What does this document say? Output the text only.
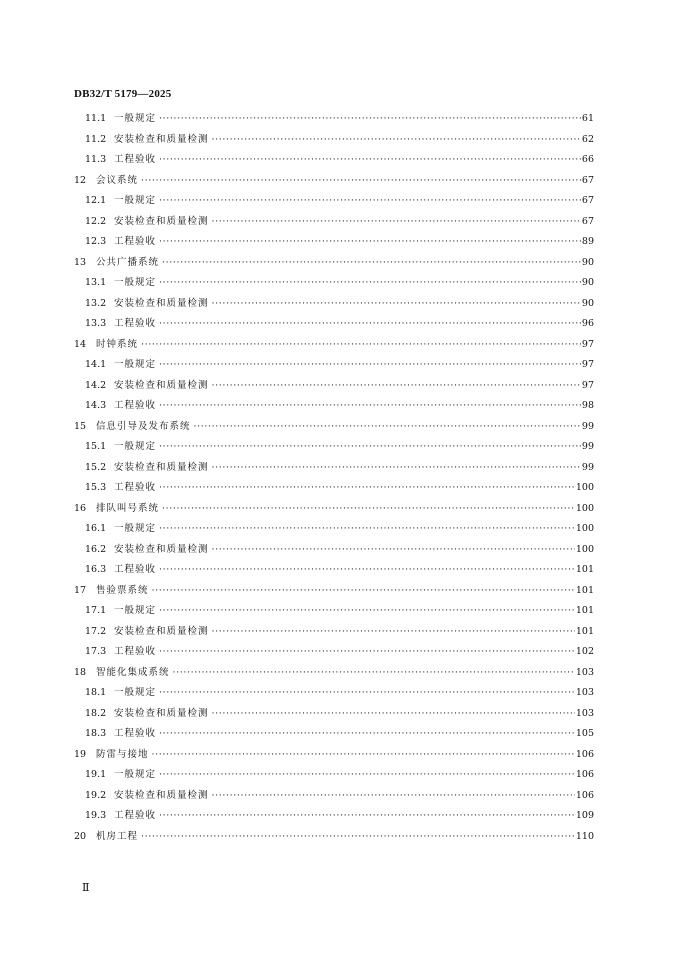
DB32/T 5179—2025
11.1 一般规定 ·····	61
11.2 安装检查和质量检测 ·····	62
11.3 工程验收 ·····	66
12	会议系统 ·····	67
12.1 一般规定 ·····	67
12.2 安装检查和质量检测 ·····	67
12.3 工程验收 ·····	89
13	公共广播系统 ·····	90
13.1 一般规定 ·····	90
13.2 安装检查和质量检测 ·····	90
13.3 工程验收 ·····	96
14	时钟系统 ·····	97
14.1 一般规定 ·····	97
14.2 安装检查和质量检测 ·····	97
14.3 工程验收 ·····	98
15	信息引导及发布系统 ·····	99
15.1 一般规定 ·····	99
15.2 安装检查和质量检测 ·····	99
15.3 工程验收 ·····	100
16	排队叫号系统 ·····	100
16.1 一般规定 ·····	100
16.2 安装检查和质量检测 ·····	100
16.3 工程验收 ·····	101
17	售验票系统 ·····	101
17.1 一般规定 ·····	101
17.2 安装检查和质量检测 ·····	101
17.3 工程验收 ·····	102
18	智能化集成系统 ·····	103
18.1 一般规定 ·····	103
18.2 安装检查和质量检测 ·····	103
18.3 工程验收 ·····	105
19	防雷与接地 ·····	106
19.1 一般规定 ·····	106
19.2 安装检查和质量检测 ·····	106
19.3 工程验收 ·····	109
20	机房工程 ·····	110
Ⅱ
